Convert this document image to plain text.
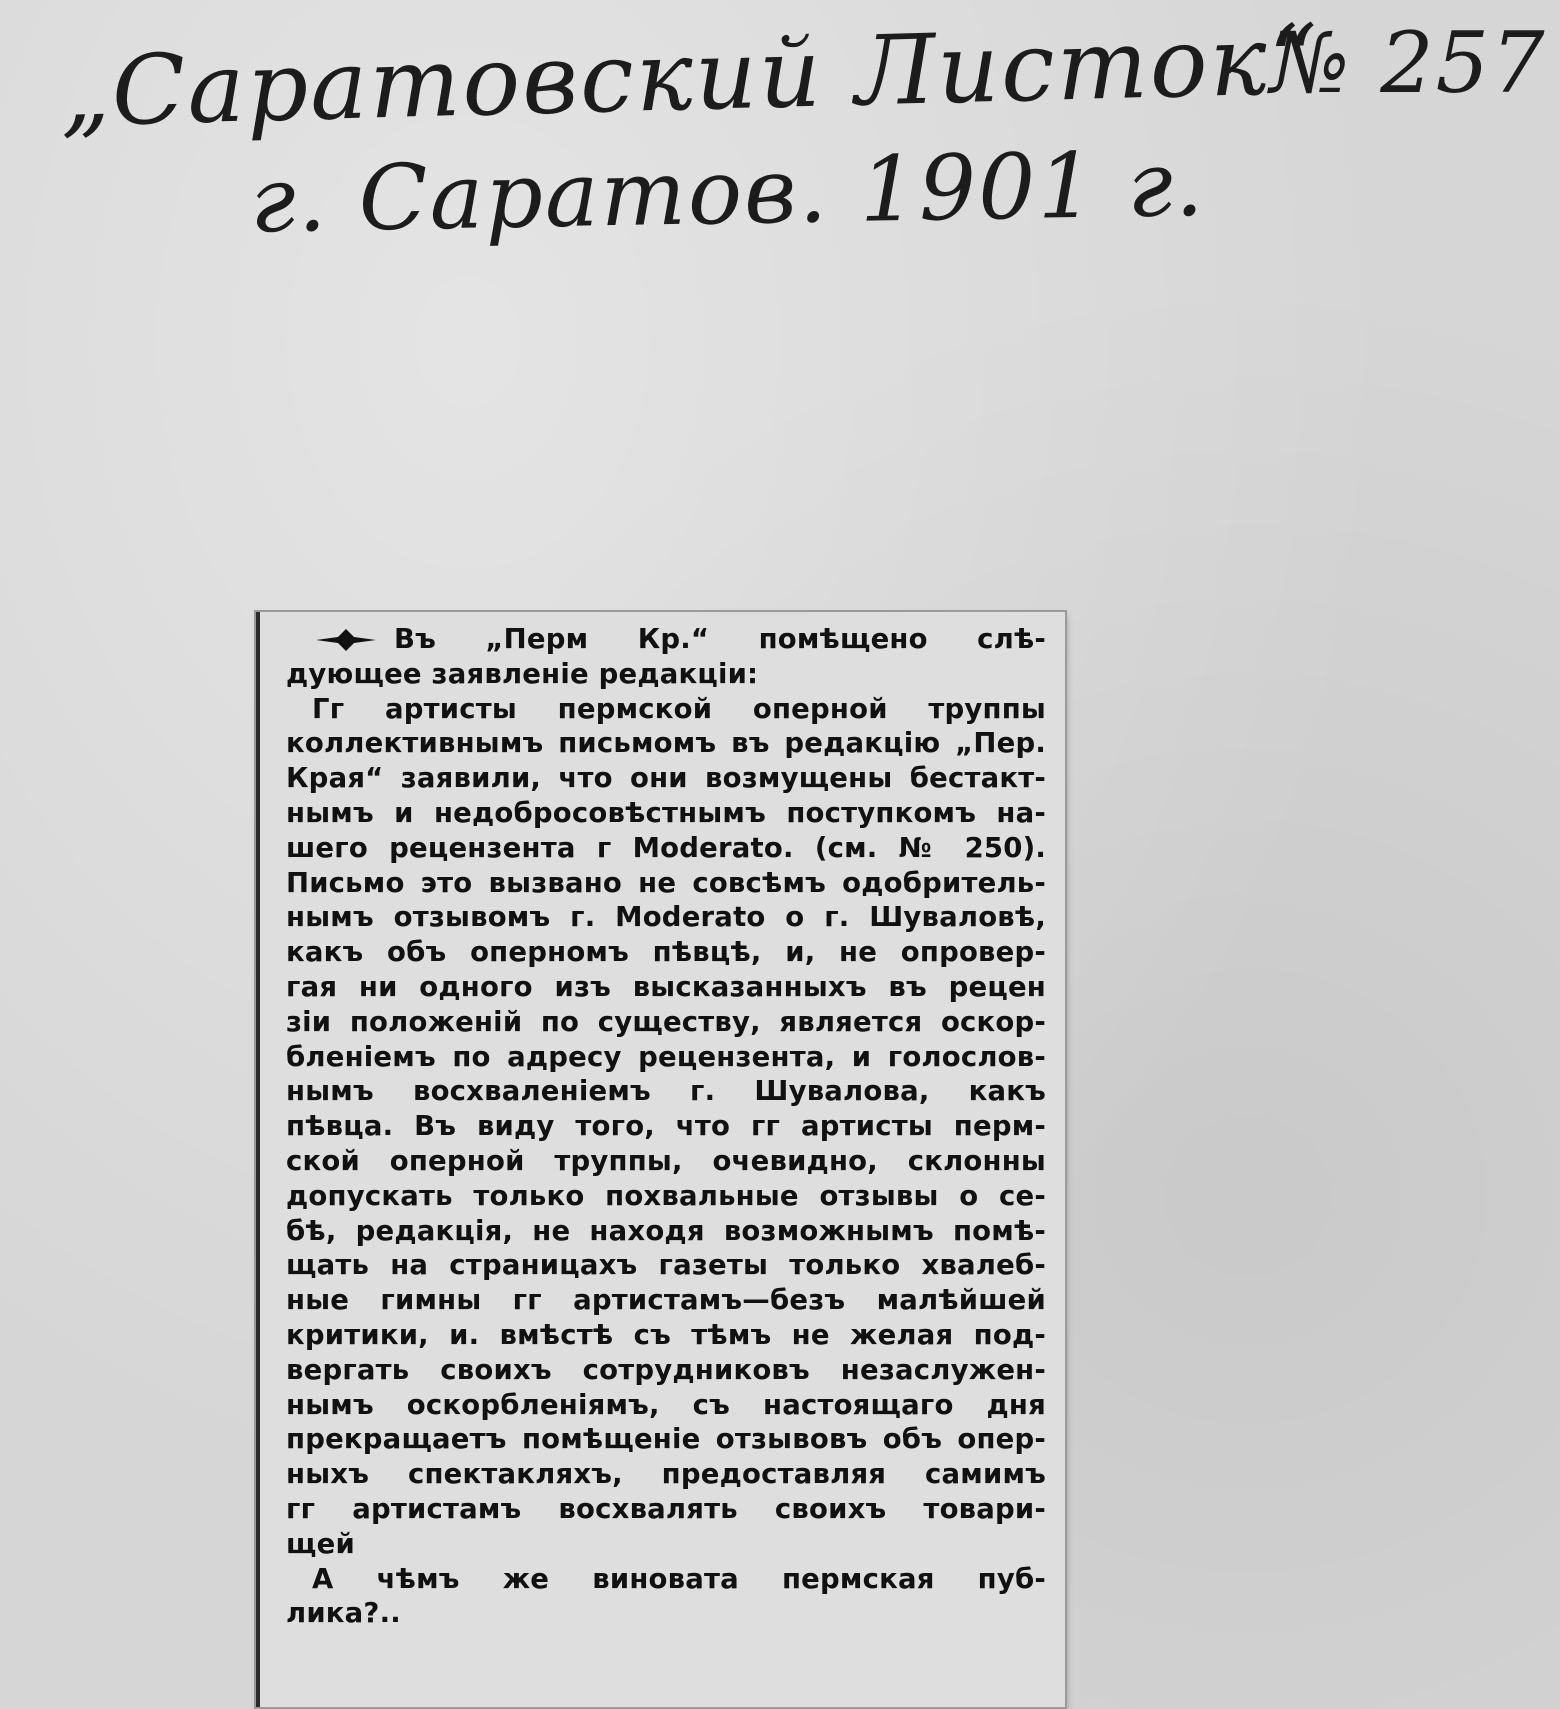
„Саратовский Листок“
№ 257
г. Саратов. 1901 г.
Въ „Перм Кр.“ помѣщено слѣ-
дующее заявленіе редакціи:
Гг артисты пермской оперной труппы
коллективнымъ письмомъ въ редакцію „Пер.
Края“ заявили, что они возмущены бестакт-
нымъ и недобросовѣстнымъ поступкомъ на-
шего рецензента г Moderato. (см. № 250).
Письмо это вызвано не совсѣмъ одобритель-
нымъ отзывомъ г. Moderato о г. Шуваловѣ,
какъ объ оперномъ пѣвцѣ, и, не опровер-
гая ни одного изъ высказанныхъ въ рецен
зіи положеній по существу, является оскор-
бленіемъ по адресу рецензента, и голослов-
нымъ восхваленіемъ г. Шувалова, какъ
пѣвца. Въ виду того, что гг артисты перм-
ской оперной труппы, очевидно, склонны
допускать только похвальные отзывы о се-
бѣ, редакція, не находя возможнымъ помѣ-
щать на страницахъ газеты только хвалеб-
ные гимны гг артистамъ—безъ малѣйшей
критики, и. вмѣстѣ съ тѣмъ не желая под-
вергать своихъ сотрудниковъ незаслужен-
нымъ оскорбленіямъ, съ настоящаго дня
прекращаетъ помѣщеніе отзывовъ объ опер-
ныхъ спектакляхъ, предоставляя самимъ
гг артистамъ восхвалять своихъ товари-
щей
А чѣмъ же виновата пермская пуб-
лика?..
